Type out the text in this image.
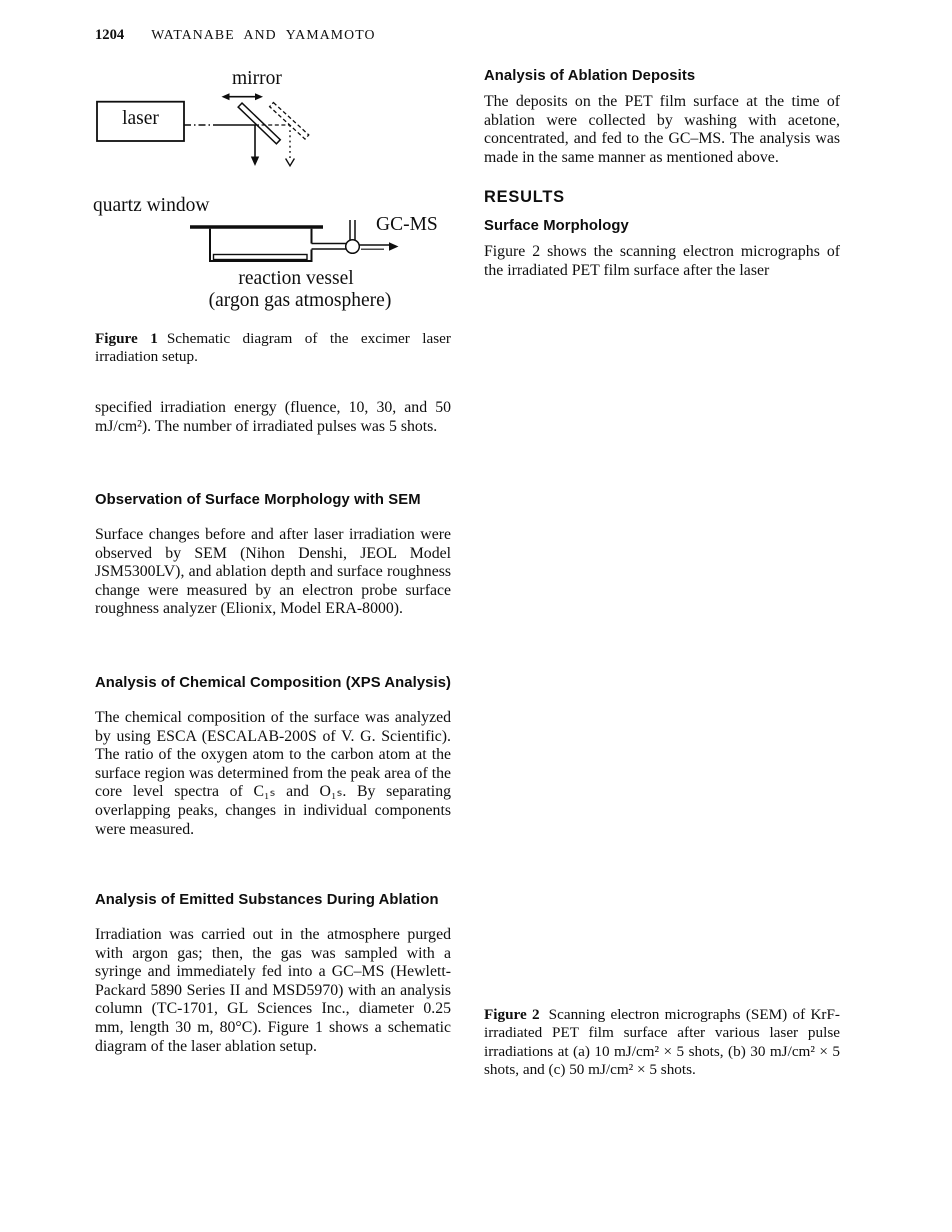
1204 WATANABE AND YAMAMOTO
mirror
laser
quartz window
GC-MS
reaction vessel
(argon gas atmosphere)
Figure 1 Schematic diagram of the excimer laser irradiation setup.
specified irradiation energy (fluence, 10, 30, and 50 mJ/cm²). The number of irradiated pulses was 5 shots.
Observation of Surface Morphology with SEM
Surface changes before and after laser irradiation were observed by SEM (Nihon Denshi, JEOL Model JSM5300LV), and ablation depth and surface roughness change were measured by an electron probe surface roughness analyzer (Elionix, Model ERA-8000).
Analysis of Chemical Composition (XPS Analysis)
The chemical composition of the surface was analyzed by using ESCA (ESCALAB-200S of V. G. Scientific). The ratio of the oxygen atom to the carbon atom at the surface region was determined from the peak area of the core level spectra of C₁ₛ and O₁ₛ. By separating overlapping peaks, changes in individual components were measured.
Analysis of Emitted Substances During Ablation
Irradiation was carried out in the atmosphere purged with argon gas; then, the gas was sampled with a syringe and immediately fed into a GC–MS (Hewlett-Packard 5890 Series II and MSD5970) with an analysis column (TC-1701, GL Sciences Inc., diameter 0.25 mm, length 30 m, 80°C). Figure 1 shows a schematic diagram of the laser ablation setup.
Analysis of Ablation Deposits
The deposits on the PET film surface at the time of ablation were collected by washing with acetone, concentrated, and fed to the GC–MS. The analysis was made in the same manner as mentioned above.
RESULTS
Surface Morphology
Figure 2 shows the scanning electron micrographs of the irradiated PET film surface after the laser
Figure 2 Scanning electron micrographs (SEM) of KrF-irradiated PET film surface after various laser pulse irradiations at (a) 10 mJ/cm² × 5 shots, (b) 30 mJ/cm² × 5 shots, and (c) 50 mJ/cm² × 5 shots.
